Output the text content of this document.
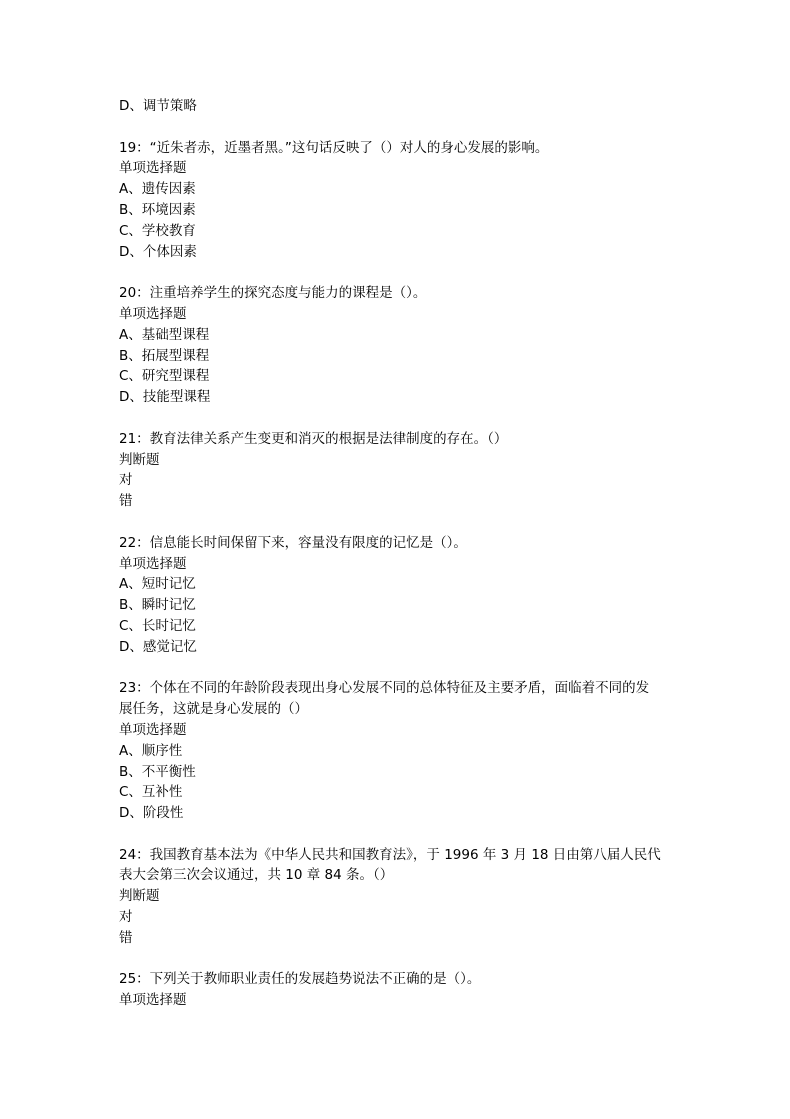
D、调节策略
19：“近朱者赤，近墨者黑。”这句话反映了（）对人的身心发展的影响。
单项选择题
A、遗传因素
B、环境因素
C、学校教育
D、个体因素
20：注重培养学生的探究态度与能力的课程是（）。
单项选择题
A、基础型课程
B、拓展型课程
C、研究型课程
D、技能型课程
21：教育法律关系产生变更和消灭的根据是法律制度的存在。（）
判断题
对
错
22：信息能长时间保留下来，容量没有限度的记忆是（）。
单项选择题
A、短时记忆
B、瞬时记忆
C、长时记忆
D、感觉记忆
23：个体在不同的年龄阶段表现出身心发展不同的总体特征及主要矛盾，面临着不同的发
展任务，这就是身心发展的（）
单项选择题
A、顺序性
B、不平衡性
C、互补性
D、阶段性
24：我国教育基本法为《中华人民共和国教育法》，于 1996 年 3 月 18 日由第八届人民代
表大会第三次会议通过，共 10 章 84 条。（）
判断题
对
错
25：下列关于教师职业责任的发展趋势说法不正确的是（）。
单项选择题
